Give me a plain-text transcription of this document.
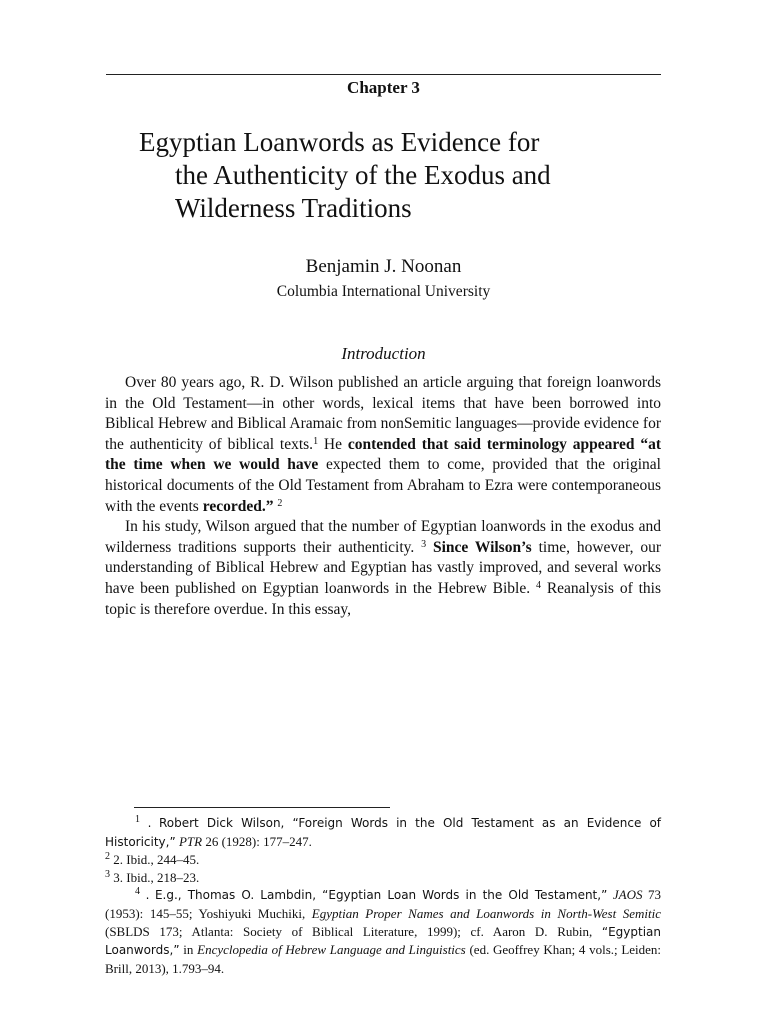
Chapter 3
Egyptian Loanwords as Evidence for
the Authenticity of the Exodus and
Wilderness Traditions
Benjamin J. Noonan
Columbia International University
Introduction

Over 80 years ago, R. D. Wilson published an article arguing that foreign loanwords in the Old Testament—in other words, lexical items that have been borrowed into Biblical Hebrew and Biblical Aramaic from nonSemitic languages—provide evidence for the authenticity of biblical texts.$^1$ He contended that said terminology appeared “at the time when we would have expected them to come, provided that the original historical documents of the Old Testament from Abraham to Ezra were contemporaneous with the events recorded.” $^2$

In his study, Wilson argued that the number of Egyptian loanwords in the exodus and wilderness traditions supports their authenticity. $^3$ Since Wilson’s time, however, our understanding of Biblical Hebrew and Egyptian has vastly improved, and several works have been published on Egyptian loanwords in the Hebrew Bible. $^4$ Reanalysis of this topic is therefore overdue. In this essay,

$^1$ . Robert Dick Wilson, “Foreign Words in the Old Testament as an Evidence of Historicity,” PTR 26 (1928): 177–247.

$^2$ 2. Ibid., 244–45.

$^3$ 3. Ibid., 218–23.

$^4$ . E.g., Thomas O. Lambdin, “Egyptian Loan Words in the Old Testament,” JAOS 73 (1953): 145–55; Yoshiyuki Muchiki, Egyptian Proper Names and Loanwords in North-West Semitic (SBLDS 173; Atlanta: Society of Biblical Literature, 1999); cf. Aaron D. Rubin, “Egyptian Loanwords,” in Encyclopedia of Hebrew Language and Linguistics (ed. Geoffrey Khan; 4 vols.; Leiden: Brill, 2013), 1.793–94.
